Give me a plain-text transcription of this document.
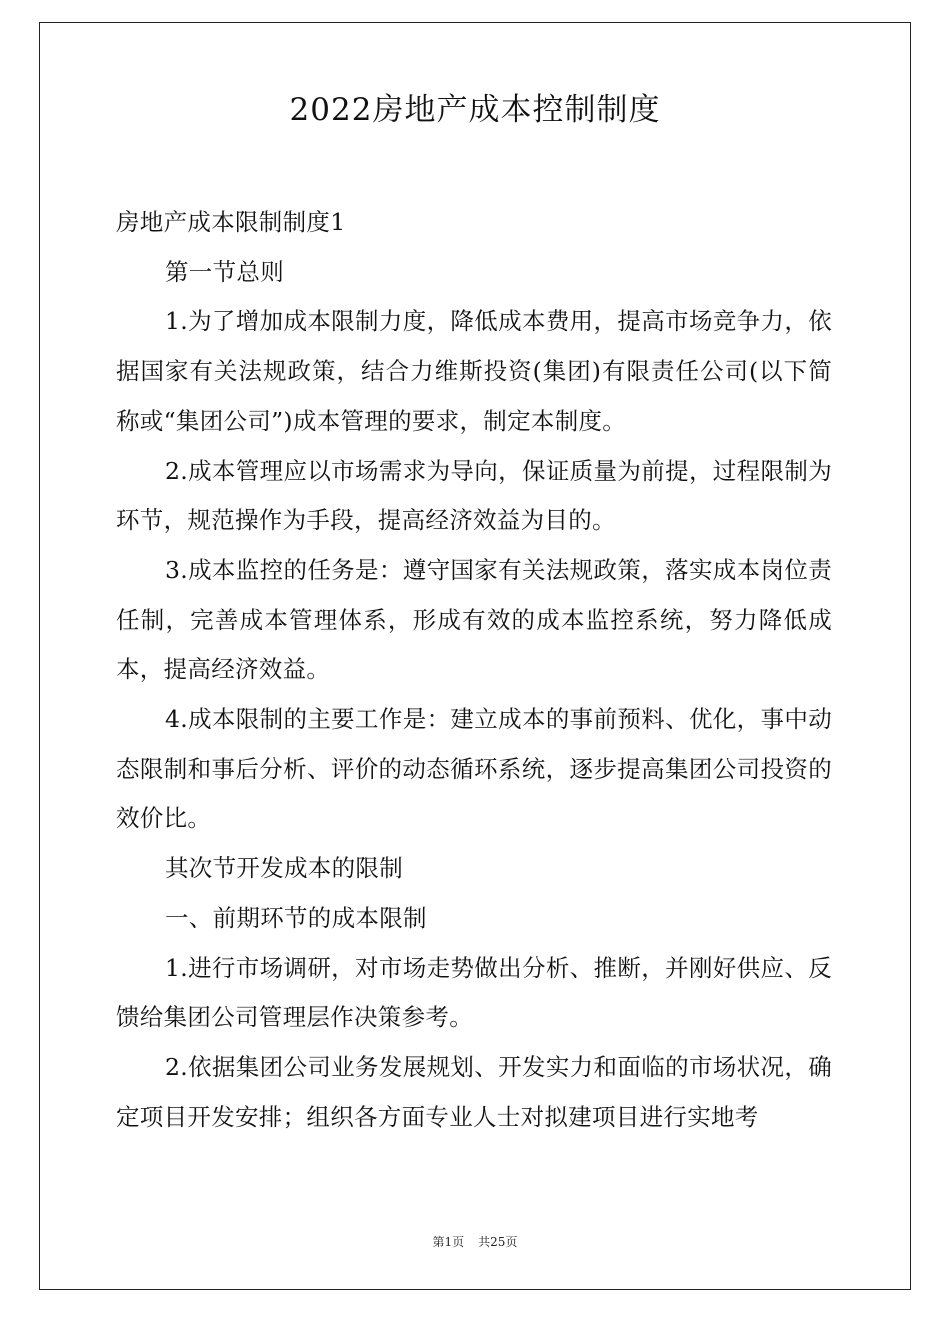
2022房地产成本控制制度

房地产成本限制制度1

第一节总则

1.为了增加成本限制力度，降低成本费用，提高市场竞争力，依据国家有关法规政策，结合力维斯投资(集团)有限责任公司(以下简称或“集团公司”)成本管理的要求，制定本制度。

2.成本管理应以市场需求为导向，保证质量为前提，过程限制为环节，规范操作为手段，提高经济效益为目的。

3.成本监控的任务是：遵守国家有关法规政策，落实成本岗位责任制，完善成本管理体系，形成有效的成本监控系统，努力降低成本，提高经济效益。

4.成本限制的主要工作是：建立成本的事前预料、优化，事中动态限制和事后分析、评价的动态循环系统，逐步提高集团公司投资的效价比。

其次节开发成本的限制

一、前期环节的成本限制

1.进行市场调研，对市场走势做出分析、推断，并刚好供应、反馈给集团公司管理层作决策参考。

2.依据集团公司业务发展规划、开发实力和面临的市场状况，确定项目开发安排；组织各方面专业人士对拟建项目进行实地考

第1页 共25页
